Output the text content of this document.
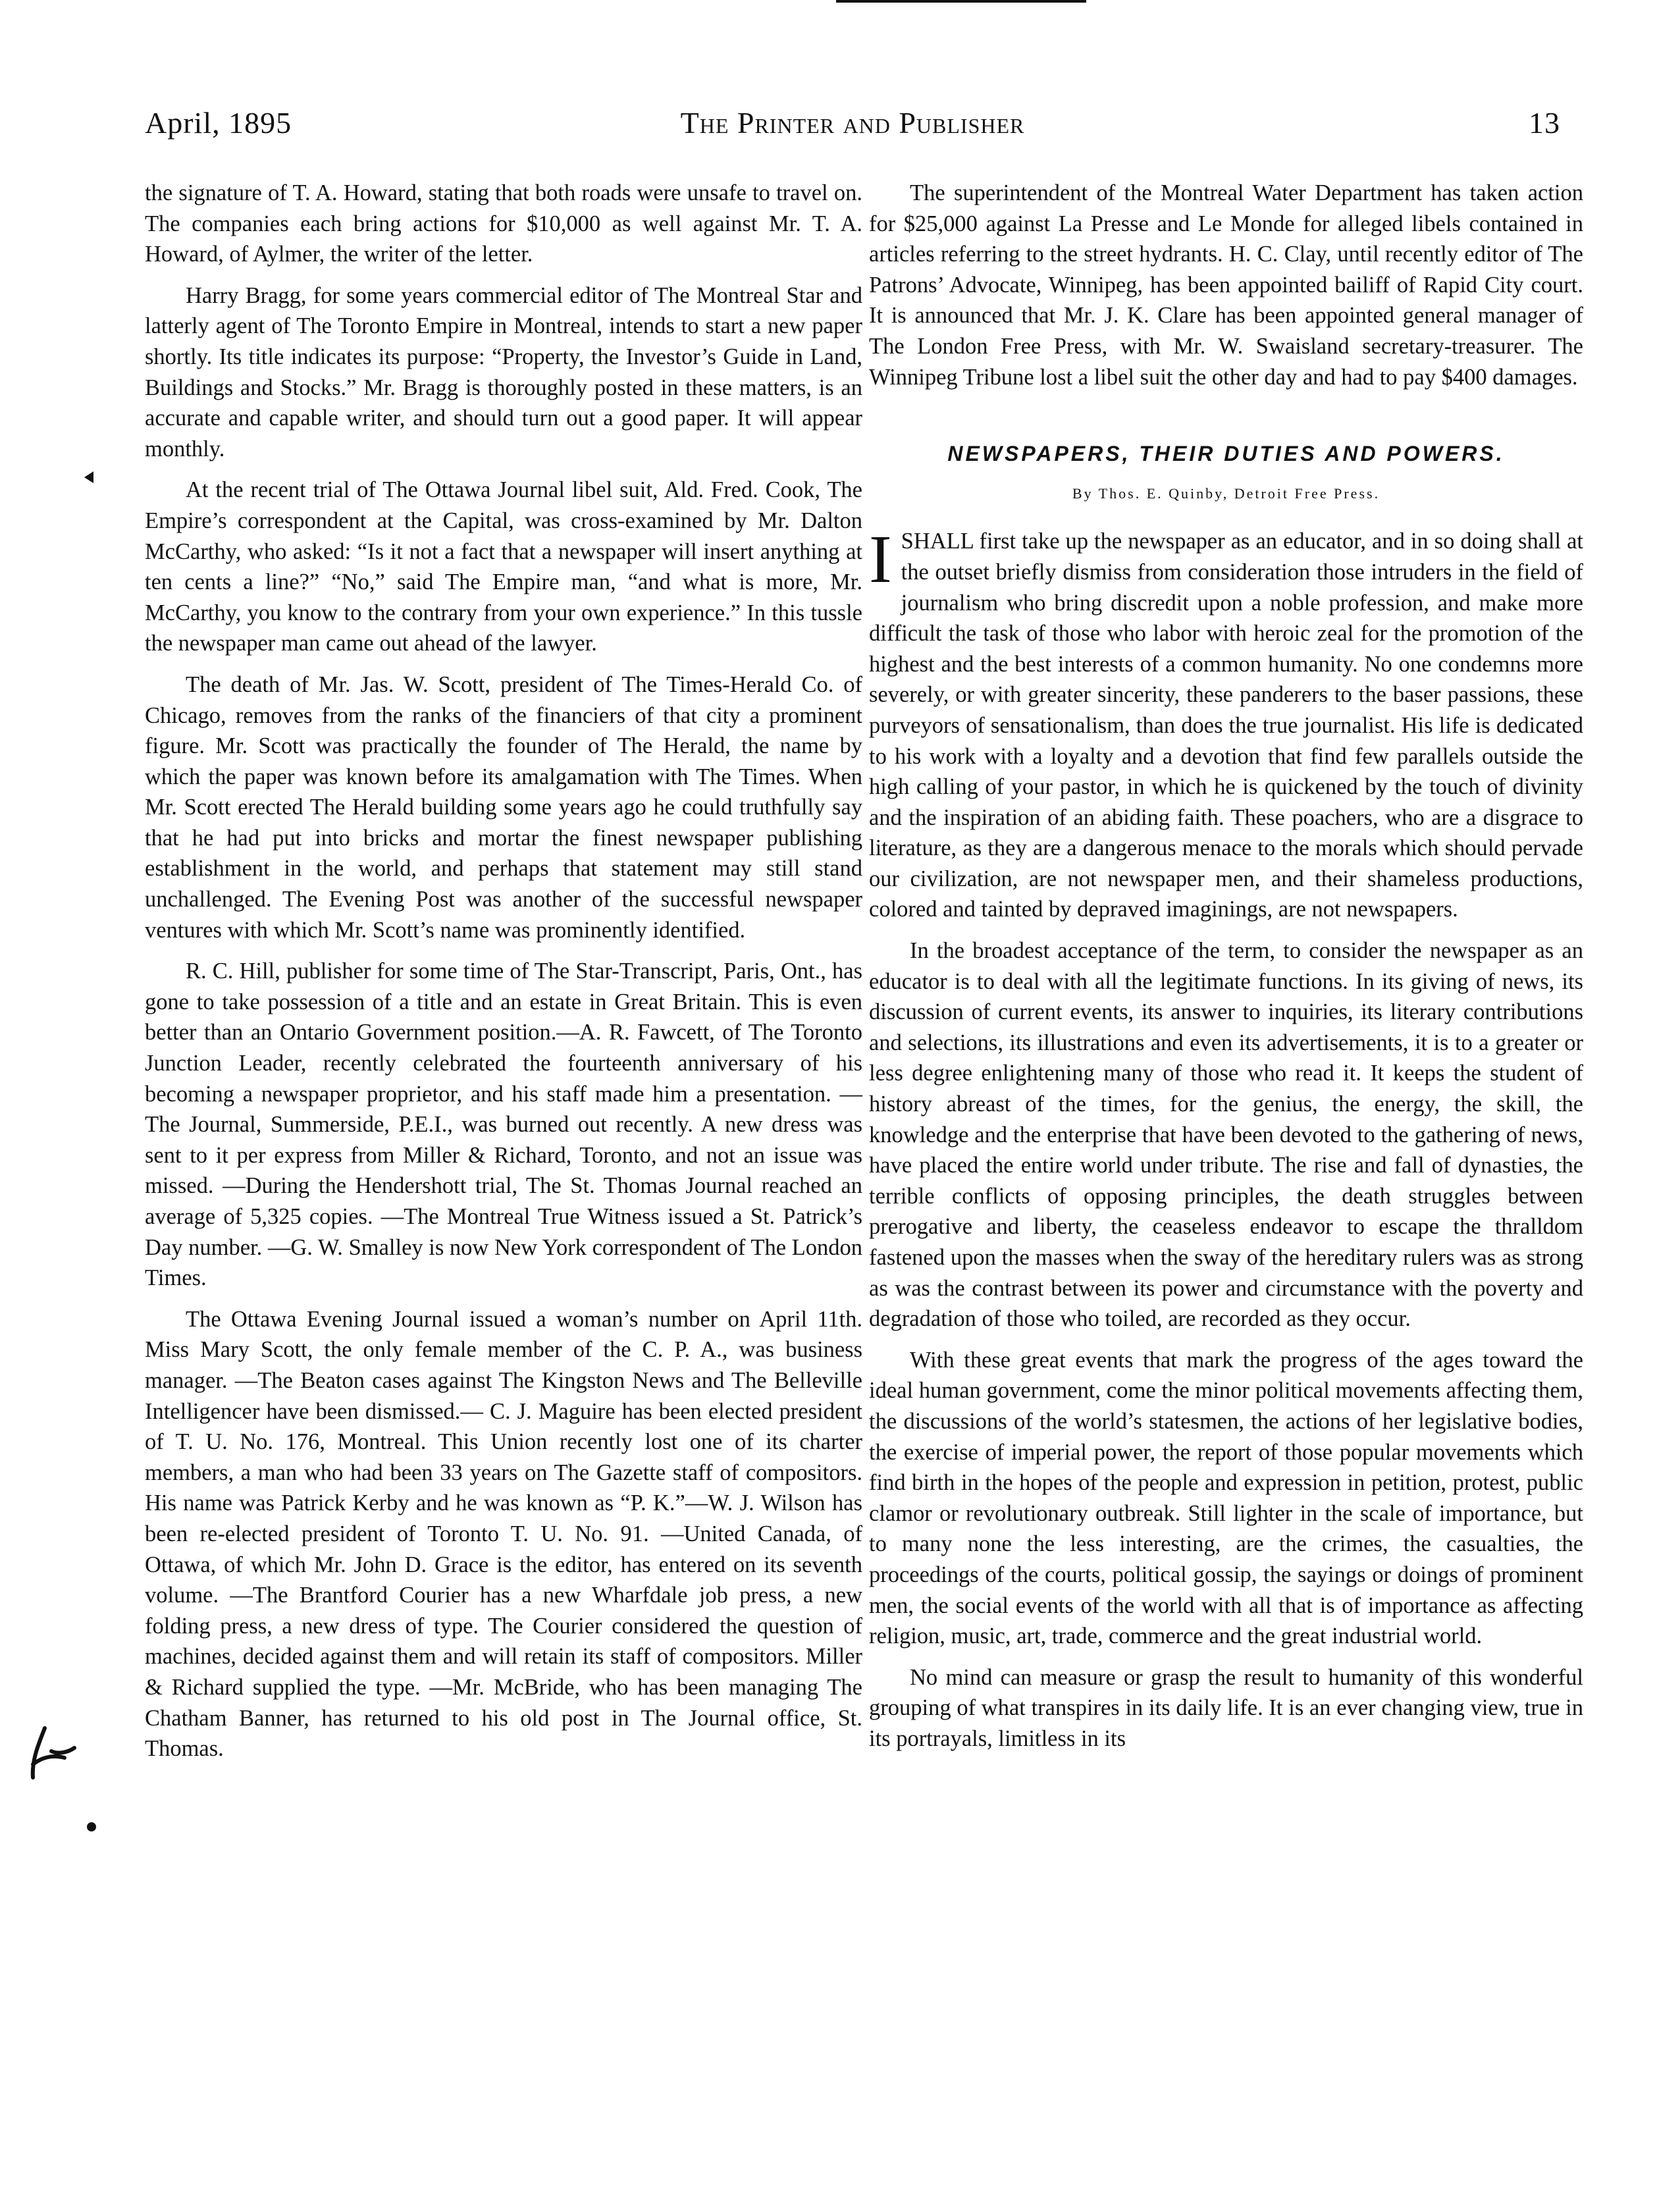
April, 1895	The Printer and Publisher	13

the signature of T. A. Howard, stating that both roads were unsafe to travel on. The companies each bring actions for $10,000 as well against Mr. T. A. Howard, of Aylmer, the writer of the letter.

Harry Bragg, for some years commercial editor of The Montreal Star and latterly agent of The Toronto Empire in Montreal, intends to start a new paper shortly. Its title indicates its purpose: “Property, the Investor’s Guide in Land, Buildings and Stocks.” Mr. Bragg is thoroughly posted in these matters, is an accurate and capable writer, and should turn out a good paper. It will appear monthly.

At the recent trial of The Ottawa Journal libel suit, Ald. Fred. Cook, The Empire’s correspondent at the Capital, was cross-examined by Mr. Dalton McCarthy, who asked: “Is it not a fact that a newspaper will insert anything at ten cents a line?” “No,” said The Empire man, “and what is more, Mr. McCarthy, you know to the contrary from your own experience.” In this tussle the newspaper man came out ahead of the lawyer.

The death of Mr. Jas. W. Scott, president of The Times-Herald Co. of Chicago, removes from the ranks of the financiers of that city a prominent figure. Mr. Scott was practically the founder of The Herald, the name by which the paper was known before its amalgamation with The Times. When Mr. Scott erected The Herald building some years ago he could truthfully say that he had put into bricks and mortar the finest newspaper publishing establishment in the world, and perhaps that statement may still stand unchallenged. The Evening Post was another of the successful newspaper ventures with which Mr. Scott’s name was prominently identified.

R. C. Hill, publisher for some time of The Star-Transcript, Paris, Ont., has gone to take possession of a title and an estate in Great Britain. This is even better than an Ontario Government position.—A. R. Fawcett, of The Toronto Junction Leader, recently celebrated the fourteenth anniversary of his becoming a newspaper proprietor, and his staff made him a presentation. —The Journal, Summerside, P.E.I., was burned out recently. A new dress was sent to it per express from Miller & Richard, Toronto, and not an issue was missed. —During the Hendershott trial, The St. Thomas Journal reached an average of 5,325 copies. —The Montreal True Witness issued a St. Patrick’s Day number. —G. W. Smalley is now New York correspondent of The London Times.

The Ottawa Evening Journal issued a woman’s number on April 11th. Miss Mary Scott, the only female member of the C. P. A., was business manager. —The Beaton cases against The Kingston News and The Belleville Intelligencer have been dismissed.— C. J. Maguire has been elected president of T. U. No. 176, Montreal. This Union recently lost one of its charter members, a man who had been 33 years on The Gazette staff of compositors. His name was Patrick Kerby and he was known as “P. K.”—W. J. Wilson has been re-elected president of Toronto T. U. No. 91. —United Canada, of Ottawa, of which Mr. John D. Grace is the editor, has entered on its seventh volume. —The Brantford Courier has a new Wharfdale job press, a new folding press, a new dress of type. The Courier considered the question of machines, decided against them and will retain its staff of compositors. Miller & Richard supplied the type. —Mr. McBride, who has been managing The Chatham Banner, has returned to his old post in The Journal office, St. Thomas.

The superintendent of the Montreal Water Department has taken action for $25,000 against La Presse and Le Monde for alleged libels contained in articles referring to the street hydrants. H. C. Clay, until recently editor of The Patrons’ Advocate, Winnipeg, has been appointed bailiff of Rapid City court. It is announced that Mr. J. K. Clare has been appointed general manager of The London Free Press, with Mr. W. Swaisland secretary-treasurer. The Winnipeg Tribune lost a libel suit the other day and had to pay $400 damages.

NEWSPAPERS, THEIR DUTIES AND POWERS.
By Thos. E. Quinby, Detroit Free Press.

ISHALL first take up the newspaper as an educator, and in so doing shall at the outset briefly dismiss from consideration those intruders in the field of journalism who bring discredit upon a noble profession, and make more difficult the task of those who labor with heroic zeal for the promotion of the highest and the best interests of a common humanity. No one condemns more severely, or with greater sincerity, these panderers to the baser passions, these purveyors of sensationalism, than does the true journalist. His life is dedicated to his work with a loyalty and a devotion that find few parallels outside the high calling of your pastor, in which he is quickened by the touch of divinity and the inspiration of an abiding faith. These poachers, who are a disgrace to literature, as they are a dangerous menace to the morals which should pervade our civilization, are not newspaper men, and their shameless productions, colored and tainted by depraved imaginings, are not newspapers.

In the broadest acceptance of the term, to consider the newspaper as an educator is to deal with all the legitimate functions. In its giving of news, its discussion of current events, its answer to inquiries, its literary contributions and selections, its illustrations and even its advertisements, it is to a greater or less degree enlightening many of those who read it. It keeps the student of history abreast of the times, for the genius, the energy, the skill, the knowledge and the enterprise that have been devoted to the gathering of news, have placed the entire world under tribute. The rise and fall of dynasties, the terrible conflicts of opposing principles, the death struggles between prerogative and liberty, the ceaseless endeavor to escape the thralldom fastened upon the masses when the sway of the hereditary rulers was as strong as was the contrast between its power and circumstance with the poverty and degradation of those who toiled, are recorded as they occur.

With these great events that mark the progress of the ages toward the ideal human government, come the minor political movements affecting them, the discussions of the world’s statesmen, the actions of her legislative bodies, the exercise of imperial power, the report of those popular movements which find birth in the hopes of the people and expression in petition, protest, public clamor or revolutionary outbreak. Still lighter in the scale of importance, but to many none the less interesting, are the crimes, the casualties, the proceedings of the courts, political gossip, the sayings or doings of prominent men, the social events of the world with all that is of importance as affecting religion, music, art, trade, commerce and the great industrial world.

No mind can measure or grasp the result to humanity of this wonderful grouping of what transpires in its daily life. It is an ever changing view, true in its portrayals, limitless in its
